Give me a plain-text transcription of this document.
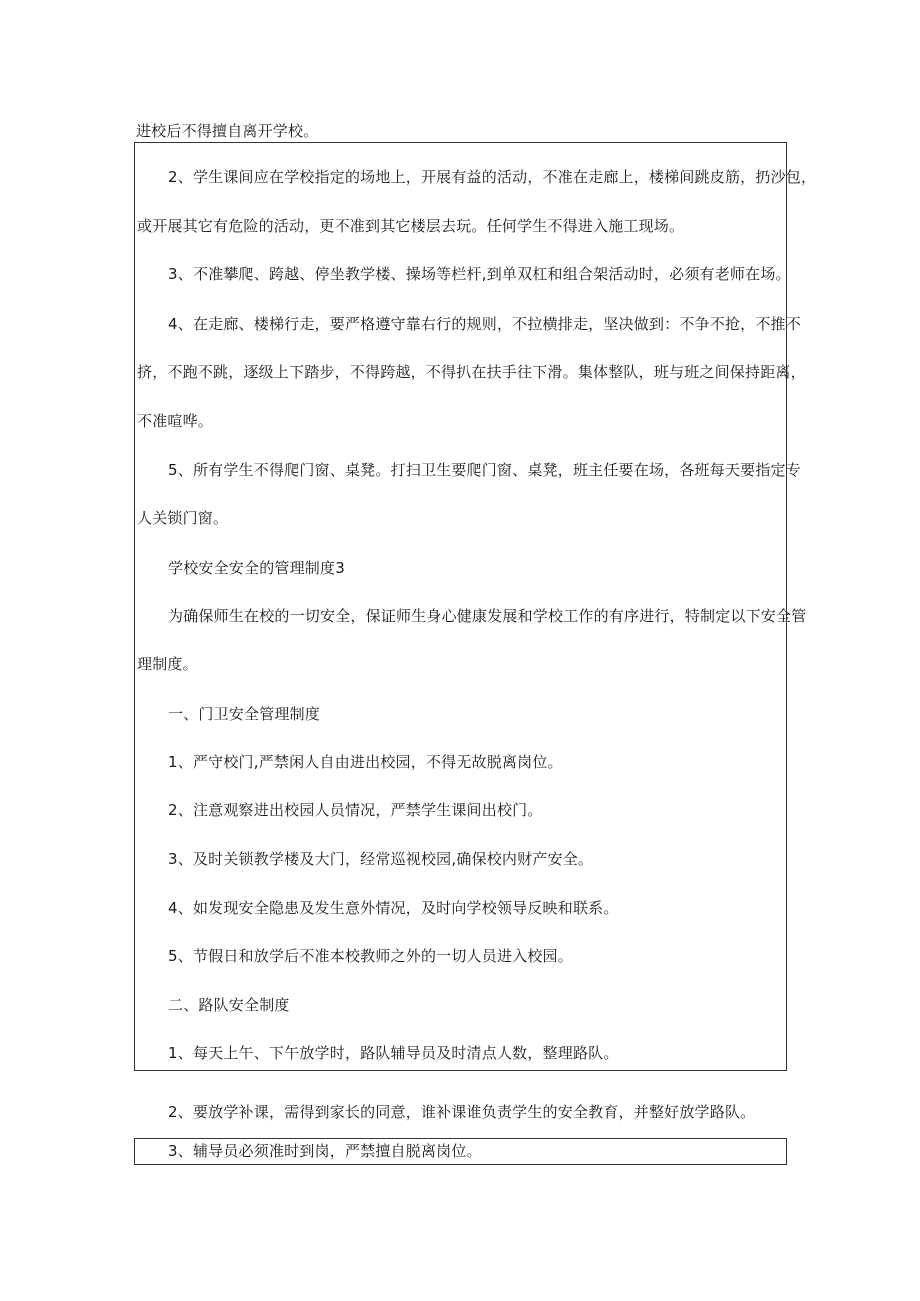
进校后不得擅自离开学校。
2、学生课间应在学校指定的场地上，开展有益的活动，不准在走廊上，楼梯间跳皮筋，扔沙包，
或开展其它有危险的活动，更不准到其它楼层去玩。任何学生不得进入施工现场。
3、不准攀爬、跨越、停坐教学楼、操场等栏杆,到单双杠和组合架活动时，必须有老师在场。
4、在走廊、楼梯行走，要严格遵守靠右行的规则，不拉横排走，坚决做到：不争不抢，不推不
挤，不跑不跳，逐级上下踏步，不得跨越，不得扒在扶手往下滑。集体整队，班与班之间保持距离，
不准喧哗。
5、所有学生不得爬门窗、桌凳。打扫卫生要爬门窗、桌凳，班主任要在场，各班每天要指定专
人关锁门窗。
学校安全安全的管理制度3
为确保师生在校的一切安全，保证师生身心健康发展和学校工作的有序进行，特制定以下安全管
理制度。
一、门卫安全管理制度
1、严守校门,严禁闲人自由进出校园，不得无故脱离岗位。
2、注意观察进出校园人员情况，严禁学生课间出校门。
3、及时关锁教学楼及大门，经常巡视校园,确保校内财产安全。
4、如发现安全隐患及发生意外情况，及时向学校领导反映和联系。
5、节假日和放学后不准本校教师之外的一切人员进入校园。
二、路队安全制度
1、每天上午、下午放学时，路队辅导员及时清点人数，整理路队。
2、要放学补课，需得到家长的同意，谁补课谁负责学生的安全教育，并整好放学路队。
3、辅导员必须准时到岗，严禁擅自脱离岗位。
